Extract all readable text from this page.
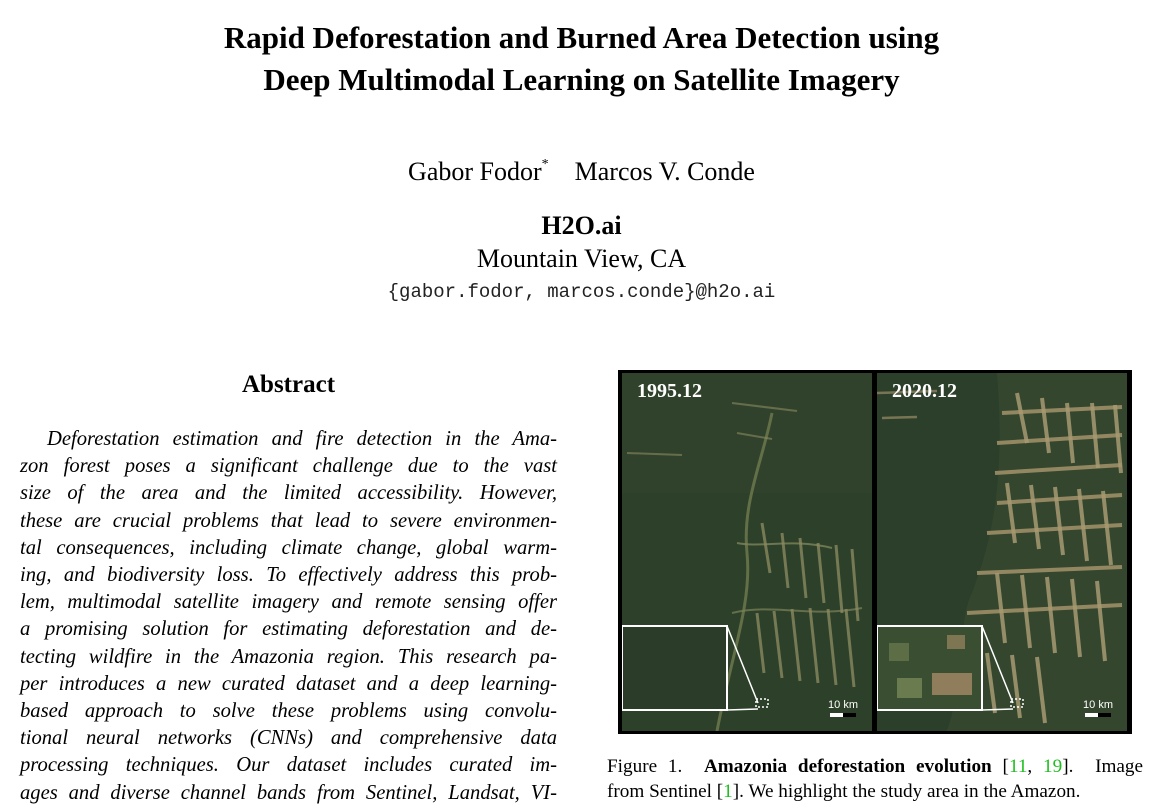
Rapid Deforestation and Burned Area Detection using
Deep Multimodal Learning on Satellite Imagery
Gabor Fodor* Marcos V. Conde
H2O.ai
Mountain View, CA
{gabor.fodor, marcos.conde}@h2o.ai
Abstract
Deforestation estimation and fire detection in the Ama-
zon forest poses a significant challenge due to the vast
size of the area and the limited accessibility. However,
these are crucial problems that lead to severe environmen-
tal consequences, including climate change, global warm-
ing, and biodiversity loss. To effectively address this prob-
lem, multimodal satellite imagery and remote sensing offer
a promising solution for estimating deforestation and de-
tecting wildfire in the Amazonia region. This research pa-
per introduces a new curated dataset and a deep learning-
based approach to solve these problems using convolu-
tional neural networks (CNNs) and comprehensive data
processing techniques. Our dataset includes curated im-
ages and diverse channel bands from Sentinel, Landsat, VI-
1995.12
10 km
2020.12
10 km
Figure 1. Amazonia deforestation evolution [11, 19]. Image
from Sentinel [1]. We highlight the study area in the Amazon.
